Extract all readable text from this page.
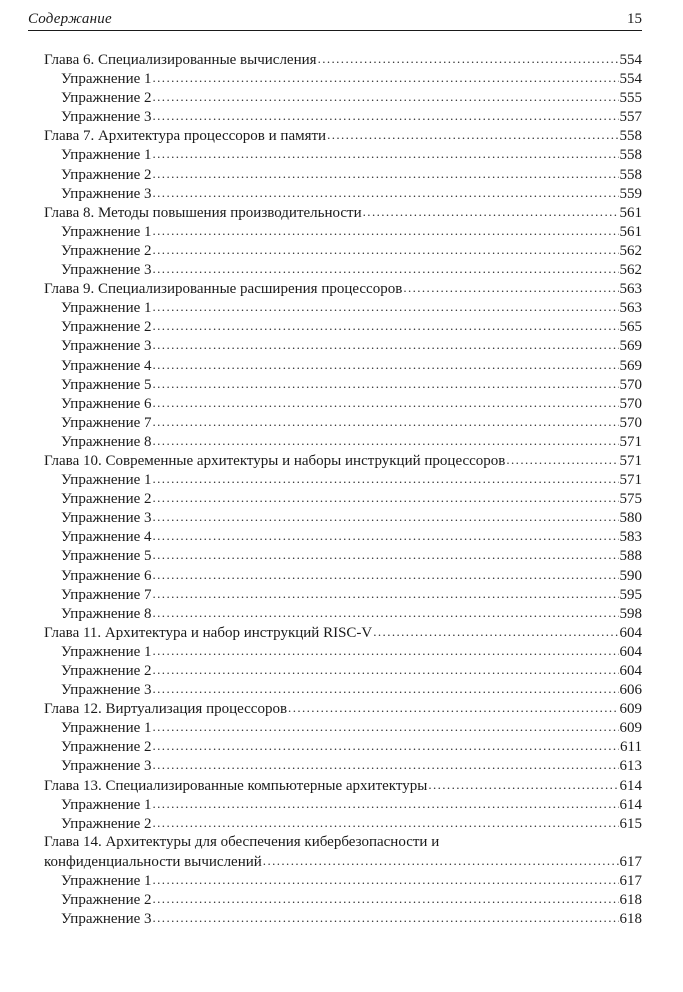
Содержание	15
Глава 6. Специализированные вычисления .....	554
Упражнение 1 .....	554
Упражнение 2 .....	555
Упражнение 3 .....	557
Глава 7. Архитектура процессоров и памяти .....	558
Упражнение 1 .....	558
Упражнение 2 .....	558
Упражнение 3 .....	559
Глава 8. Методы повышения производительности .....	561
Упражнение 1 .....	561
Упражнение 2 .....	562
Упражнение 3 .....	562
Глава 9. Специализированные расширения процессоров .....	563
Упражнение 1 .....	563
Упражнение 2 .....	565
Упражнение 3 .....	569
Упражнение 4 .....	569
Упражнение 5 .....	570
Упражнение 6 .....	570
Упражнение 7 .....	570
Упражнение 8 .....	571
Глава 10. Современные архитектуры и наборы инструкций процессоров .....	571
Упражнение 1 .....	571
Упражнение 2 .....	575
Упражнение 3 .....	580
Упражнение 4 .....	583
Упражнение 5 .....	588
Упражнение 6 .....	590
Упражнение 7 .....	595
Упражнение 8 .....	598
Глава 11. Архитектура и набор инструкций RISC-V .....	604
Упражнение 1 .....	604
Упражнение 2 .....	604
Упражнение 3 .....	606
Глава 12. Виртуализация процессоров .....	609
Упражнение 1 .....	609
Упражнение 2 .....	611
Упражнение 3 .....	613
Глава 13. Специализированные компьютерные архитектуры .....	614
Упражнение 1 .....	614
Упражнение 2 .....	615
Глава 14. Архитектуры для обеспечения кибербезопасности и
конфиденциальности вычислений .....	617
Упражнение 1 .....	617
Упражнение 2 .....	618
Упражнение 3 .....	618
